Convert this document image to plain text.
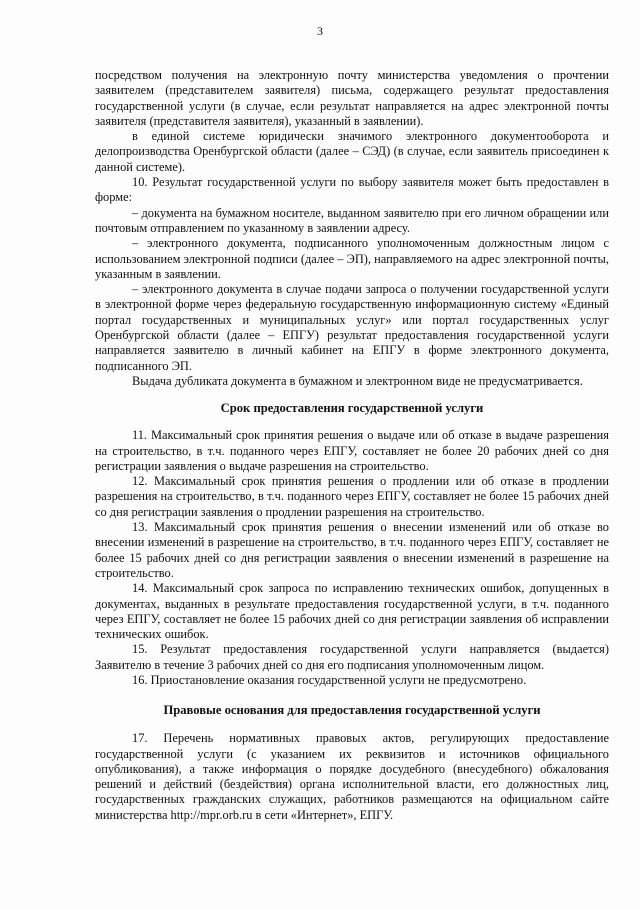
3

посредством получения на электронную почту министерства уведомления о прочтении заявителем (представителем заявителя) письма, содержащего результат предоставления государственной услуги (в случае, если результат направляется на адрес электронной почты заявителя (представителя заявителя), указанный в заявлении).

в единой системе юридически значимого электронного документооборота и делопроизводства Оренбургской области (далее – СЭД) (в случае, если заявитель присоединен к данной системе).

10. Результат государственной услуги по выбору заявителя может быть предоставлен в форме:

– документа на бумажном носителе, выданном заявителю при его личном обращении или почтовым отправлением по указанному в заявлении адресу.

– электронного документа, подписанного уполномоченным должностным лицом с использованием электронной подписи (далее – ЭП), направляемого на адрес электронной почты, указанным в заявлении.

– электронного документа в случае подачи запроса о получении государственной услуги в электронной форме через федеральную государственную информационную систему «Единый портал государственных и муниципальных услуг» или портал государственных услуг Оренбургской области (далее – ЕПГУ) результат предоставления государственной услуги направляется заявителю в личный кабинет на ЕПГУ в форме электронного документа, подписанного ЭП.

Выдача дубликата документа в бумажном и электронном виде не предусматривается.

Срок предоставления государственной услуги

11. Максимальный срок принятия решения о выдаче или об отказе в выдаче разрешения на строительство, в т.ч. поданного через ЕПГУ, составляет не более 20 рабочих дней со дня регистрации заявления о выдаче разрешения на строительство.

12. Максимальный срок принятия решения о продлении или об отказе в продлении разрешения на строительство, в т.ч. поданного через ЕПГУ, составляет не более 15 рабочих дней со дня регистрации заявления о продлении разрешения на строительство.

13. Максимальный срок принятия решения о внесении изменений или об отказе во внесении изменений в разрешение на строительство, в т.ч. поданного через ЕПГУ, составляет не более 15 рабочих дней со дня регистрации заявления о внесении изменений в разрешение на строительство.

14. Максимальный срок запроса по исправлению технических ошибок, допущенных в документах, выданных в результате предоставления государственной услуги, в т.ч. поданного через ЕПГУ, составляет не более 15 рабочих дней со дня регистрации заявления об исправлении технических ошибок.

15. Результат предоставления государственной услуги направляется (выдается) Заявителю в течение 3 рабочих дней со дня его подписания уполномоченным лицом.

16. Приостановление оказания государственной услуги не предусмотрено.

Правовые основания для предоставления государственной услуги

17. Перечень нормативных правовых актов, регулирующих предоставление государственной услуги (с указанием их реквизитов и источников официального опубликования), а также информация о порядке досудебного (внесудебного) обжалования решений и действий (бездействия) органа исполнительной власти, его должностных лиц, государственных гражданских служащих, работников размещаются на официальном сайте министерства http://mpr.orb.ru в сети «Интернет», ЕПГУ.
